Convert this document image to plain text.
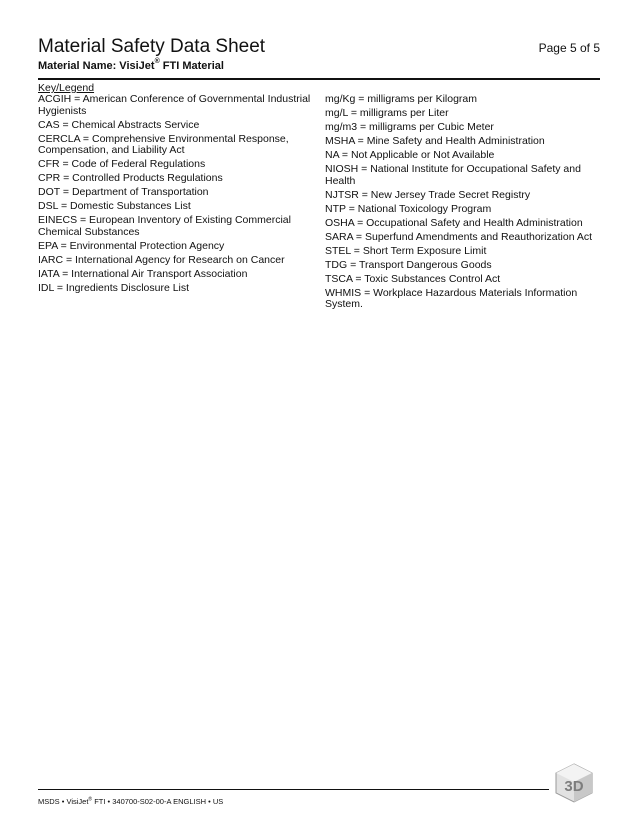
Material Safety Data Sheet	Page 5 of 5
Material Name: VisiJet® FTI Material
Key/Legend
ACGIH = American Conference of Governmental Industrial Hygienists
CAS = Chemical Abstracts Service
CERCLA = Comprehensive Environmental Response, Compensation, and Liability Act
CFR = Code of Federal Regulations
CPR = Controlled Products Regulations
DOT = Department of Transportation
DSL = Domestic Substances List
EINECS = European Inventory of Existing Commercial Chemical Substances
EPA = Environmental Protection Agency
IARC = International Agency for Research on Cancer
IATA = International Air Transport Association
IDL = Ingredients Disclosure List
mg/Kg = milligrams per Kilogram
mg/L = milligrams per Liter
mg/m3 = milligrams per Cubic Meter
MSHA = Mine Safety and Health Administration
NA = Not Applicable or Not Available
NIOSH = National Institute for Occupational Safety and Health
NJTSR = New Jersey Trade Secret Registry
NTP = National Toxicology Program
OSHA = Occupational Safety and Health Administration
SARA = Superfund Amendments and Reauthorization Act
STEL = Short Term Exposure Limit
TDG = Transport Dangerous Goods
TSCA = Toxic Substances Control Act
WHMIS = Workplace Hazardous Materials Information System.
MSDS • VisiJet® FTI • 340700-S02-00-A ENGLISH • US
3D
